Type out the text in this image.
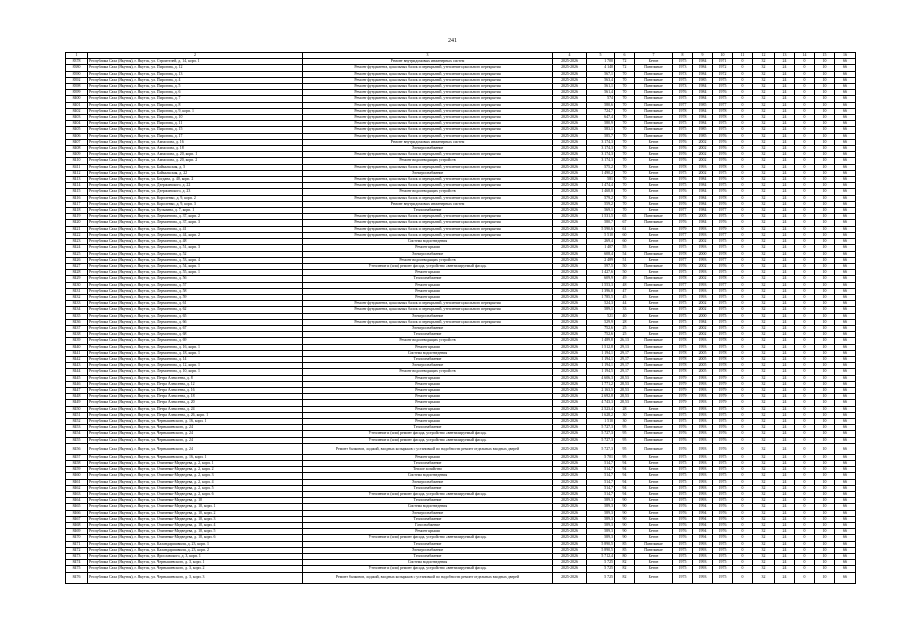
241
1	2	3	4	5	6	7	8	9	10	11	12	13	14	15	16
8378	Республика Саха (Якутия), г. Якутск, ул. Строителей, д. 14, корп. 1	Ремонт внутридомовых инженерных систем	2025-2026	1 700	72	Бетон	1975	1984	1971	0	32	24	0	10	66
8380	Республика Саха (Якутия), г. Якутск, ул. Пирогова, д. 12	Ремонт фундамента, цокольных балок и перекрытий, утепление цокольного перекрытия	2025-2026	4 140	72	Панельные	1973	1984	1972	0	32	24	0	10	66
8390	Республика Саха (Якутия), г. Якутск, ул. Пирогова, д. 13	Ремонт фундамента, цокольных балок и перекрытий, утепление цокольного перекрытия	2025-2026	567,1	70	Панельные	1973	1984	1972	0	32	24	0	10	66
8392	Республика Саха (Якутия), г. Якутск, ул. Пирогова, д. 4	Ремонт фундамента, цокольных балок и перекрытий, утепление цокольного перекрытия	2025-2026	563,4	70	Панельные	1975	1985	1975	0	32	24	0	10	66
8398	Республика Саха (Якутия), г. Якутск, ул. Пирогова, д. 5	Ремонт фундамента, цокольных балок и перекрытий, утепление цокольного перекрытия	2025-2026	561,1	70	Панельные	1973	1984	1975	0	32	24	0	10	66
8399	Республика Саха (Якутия), г. Якутск, ул. Пирогова, д. 6	Ремонт фундамента, цокольных балок и перекрытий, утепление цокольного перекрытия	2025-2026	561,4	70	Панельные	1976	1984	1976	0	32	24	0	10	66
8400	Республика Саха (Якутия), г. Якутск, ул. Пирогова, д. 7	Ремонт фундамента, цокольных балок и перекрытий, утепление цокольного перекрытия	2025-2026	574	70	Панельные	1975	1984	1975	0	32	24	0	10	66
8401	Республика Саха (Якутия), г. Якутск, ул. Пирогова, д. 8	Ремонт фундамента, цокольных балок и перекрытий, утепление цокольного перекрытия	2025-2026	580,6	70	Панельные	1977	1985	1977	0	32	24	0	10	66
8402	Республика Саха (Якутия), г. Якутск, ул. Пирогова, д. 9, корп. 1	Ремонт фундамента, цокольных балок и перекрытий, утепление цокольного перекрытия	2025-2026	724,7	70	Панельные	1978	1984	1978	0	32	24	0	10	66
8403	Республика Саха (Якутия), г. Якутск, ул. Пирогова, д. 10	Ремонт фундамента, цокольных балок и перекрытий, утепление цокольного перекрытия	2025-2026	647,4	70	Панельные	1978	1984	1978	0	32	24	0	10	66
8404	Республика Саха (Якутия), г. Якутск, ул. Пирогова, д. 11	Ремонт фундамента, цокольных балок и перекрытий, утепление цокольного перекрытия	2025-2026	580,9	70	Панельные	1975	1984	1975	0	32	24	0	10	66
8405	Республика Саха (Якутия), г. Якутск, ул. Пирогова, д. 15	Ремонт фундамента, цокольных балок и перекрытий, утепление цокольного перекрытия	2025-2026	583,1	70	Панельные	1975	1985	1975	0	32	24	0	10	66
8406	Республика Саха (Якутия), г. Якутск, ул. Пирогова, д. 17	Ремонт фундамента, цокольных балок и перекрытий, утепление цокольного перекрытия	2025-2026	585,7	70	Панельные	1976	1985	1976	0	32	24	0	10	66
8407	Республика Саха (Якутия), г. Якутск, ул. Аммосова, д. 16	Ремонт внутридомовых инженерных систем	2025-2026	3 174,3	70	Бетон	1976	2002	1976	0	32	24	0	10	66
8408	Республика Саха (Якутия), г. Якутск, ул. Аммосова, д. 18	Электроснабжение	2025-2026	3 174,3	70	Бетон	1976	2002	1976	0	32	24	0	10	66
8409	Республика Саха (Якутия), г. Якутск, ул. Аммосова, д. 20, корп. 1	Ремонт фундамента, цокольных балок и перекрытий, утепление цокольного перекрытия	2025-2026	3 174,3	70	Бетон	1976	2002	1976	0	32	24	0	10	66
8410	Республика Саха (Якутия), г. Якутск, ул. Аммосова, д. 20, корп. 2	Ремонт водоотводящих устройств	2025-2026	3 174,3	70	Бетон	1976	2002	1976	0	32	24	0	10	66
8411	Республика Саха (Якутия), г. Якутск, ул. Байкальская, д. 5	Ремонт фундамента, цокольных балок и перекрытий, утепление цокольного перекрытия	2025-2026	575,2	70	Бетон	1978	1993	1978	0	32	24	0	10	66
8412	Республика Саха (Якутия), г. Якутск, ул. Байкальская, д. 22	Электроснабжение	2025-2026	1 490,2	70	Бетон	1975	2002	1975	0	32	24	0	10	66
8413	Республика Саха (Якутия), г. Якутск, ул. Богдана, д. 40, корп. 2	Ремонт фундамента, цокольных балок и перекрытий, утепление цокольного перекрытия	2025-2026	581	70	Бетон	1976	1984	1976	0	32	24	0	10	66
8414	Республика Саха (Якутия), г. Якутск, ул. Дзержинского, д. 22	Ремонт фундамента, цокольных балок и перекрытий, утепление цокольного перекрытия	2025-2026	1 474,4	70	Бетон	1975	1984	1975	0	32	24	0	10	66
8415	Республика Саха (Якутия), г. Якутск, ул. Дзержинского, д. 23	Ремонт водоотводящих устройств	2025-2026	1 468,8	70	Бетон	1976	1984	1976	0	32	24	0	10	66
8416	Республика Саха (Якутия), г. Якутск, ул. Короленко, д. 9, корп. 2	Ремонт фундамента, цокольных балок и перекрытий, утепление цокольного перекрытия	2025-2026	579,2	70	Бетон	1978	1984	1978	0	32	24	0	10	66
8417	Республика Саха (Якутия), г. Якутск, ул. Короленко, д. 9, корп. 3	Ремонт внутридомовых инженерных систем	2025-2026	559,2	70	Бетон	1976	1984	1976	0	32	24	0	10	66
8418	Республика Саха (Якутия), г. Якутск, ул. Кузьмина, д. 7, корп. 1	Теплоснабжение	2025-2026	569,1	70	Бетон	1977	1984	1977	0	32	24	0	10	66
8419	Республика Саха (Якутия), г. Якутск, ул. Лермонтова, д. 37, корп. 2	Ремонт фундамента, цокольных балок и перекрытий, утепление цокольного перекрытия	2025-2026	1 531,5	65	Панельные	1975	2005	1975	0	32	24	0	10	66
8420	Республика Саха (Якутия), г. Якутск, ул. Лермонтова, д. 37, корп. 3	Ремонт фундамента, цокольных балок и перекрытий, утепление цокольного перекрытия	2025-2026	580,7	67	Панельные	1976	1984	1976	0	32	24	0	10	66
8421	Республика Саха (Якутия), г. Якутск, ул. Лермонтова, д. 41	Ремонт фундамента, цокольных балок и перекрытий, утепление цокольного перекрытия	2025-2026	5 590,6	61	Бетон	1979	1993	1979	0	32	24	0	10	66
8422	Республика Саха (Якутия), г. Якутск, ул. Лермонтова, д. 44, корп. 2	Ремонт фундамента, цокольных балок и перекрытий, утепление цокольного перекрытия	2025-2026	5 510	60	Бетон	1977	1993	1977	0	32	24	0	10	66
8423	Республика Саха (Якутия), г. Якутск, ул. Лермонтова, д. 48	Система водоотведения	2025-2026	269,4	60	Бетон	1975	2002	1975	0	32	24	0	10	66
8424	Республика Саха (Якутия), г. Якутск, ул. Лермонтова, д. 51, корп. 3	Ремонт крыши	2025-2026	1 407	55	Бетон	1975	1993	1975	0	32	24	0	10	66
8425	Республика Саха (Якутия), г. Якутск, ул. Лермонтова, д. 52	Электроснабжение	2025-2026	608,4	54	Панельные	1978	2000	1978	0	32	24	0	10	66
8426	Республика Саха (Якутия), г. Якутск, ул. Лермонтова, д. 53, корп. 4	Ремонт водоотводящих устройств	2025-2026	2 489	51	Бетон	1977	1993	1977	0	32	24	0	10	66
8427	Республика Саха (Якутия), г. Якутск, ул. Лермонтова, д. 54, корп. 1	Утепление и (или) ремонт фасада, устройство «вентилируемый фасад»	2025-2026	597,5	50	Панельные	1976	2002	1976	0	32	24	0	10	66
8428	Республика Саха (Якутия), г. Якутск, ул. Лермонтова, д. 55, корп. 1	Ремонт крыши	2025-2026	1 427,6	50	Бетон	1975	1993	1975	0	32	24	0	10	66
8429	Республика Саха (Якутия), г. Якутск, ул. Лермонтова, д. 56	Теплоснабжение	2025-2026	609,9	49	Панельные	1978	2002	1978	0	32	24	0	10	66
8430	Республика Саха (Якутия), г. Якутск, ул. Лермонтова, д. 57	Ремонт крыши	2025-2026	1 553,3	48	Панельные	1977	1993	1977	0	32	24	0	10	66
8431	Республика Саха (Якутия), г. Якутск, ул. Лермонтова, д. 58	Ремонт крыши	2025-2026	1 396,8	47	Бетон	1975	1993	1975	0	32	24	0	10	66
8432	Республика Саха (Якутия), г. Якутск, ул. Лермонтова, д. 59	Ремонт крыши	2025-2026	1 785,5	45	Бетон	1975	1993	1975	0	32	24	0	10	66
8433	Республика Саха (Якутия), г. Якутск, ул. Лермонтова, д. 61	Ремонт фундамента, цокольных балок и перекрытий, утепление цокольного перекрытия	2025-2026	524,3	44	Бетон	1975	2002	1975	0	32	24	0	10	66
8434	Республика Саха (Якутия), г. Якутск, ул. Лермонтова, д. 62	Ремонт фундамента, цокольных балок и перекрытий, утепление цокольного перекрытия	2025-2026	589,1	33	Бетон	1975	2002	1975	0	32	24	0	10	66
8435	Республика Саха (Якутия), г. Якутск, ул. Лермонтова, д. 65	Электроснабжение	2025-2026	521	40	Бетон	1975	2000	1975	0	32	24	0	10	66
8436	Республика Саха (Якутия), г. Якутск, ул. Лермонтова, д. 66	Ремонт фундамента, цокольных балок и перекрытий, утепление цокольного перекрытия	2025-2026	529,9	28	Бетон	1975	1984	1975	0	32	24	0	10	66
8437	Республика Саха (Якутия), г. Якутск, ул. Лермонтова, д. 67	Электроснабжение	2025-2026	752,6	25	Бетон	1975	2002	1975	0	32	24	0	10	66
8438	Республика Саха (Якутия), г. Якутск, ул. Лермонтова, д. 68	Теплоснабжение	2025-2026	752,6	25	Бетон	1975	2002	1975	0	32	24	0	10	66
8439	Республика Саха (Якутия), г. Якутск, ул. Лермонтова, д. 69	Ремонт водоотводящих устройств	2025-2026	1 489,8	26,13	Панельные	1978	1993	1978	0	32	24	0	10	66
8440	Республика Саха (Якутия), г. Якутск, ул. Лермонтова, д. 16, корп. 1	Ремонт крыши	2025-2026	1 512,8	29,13	Панельные	1975	1993	1975	0	32	24	0	10	66
8441	Республика Саха (Якутия), г. Якутск, ул. Лермонтова, д. 18, корп. 1	Система водоотведения	2025-2026	1 194,1	29,17	Панельные	1978	2005	1978	0	32	24	0	10	66
8442	Республика Саха (Якутия), г. Якутск, ул. Лермонтова, д. 14	Теплоснабжение	2025-2026	1 194,1	29,17	Панельные	1978	2005	1978	0	32	24	0	10	66
8443	Республика Саха (Якутия), г. Якутск, ул. Лермонтова, д. 12, корп. 1	Электроснабжение	2025-2026	1 194,1	29,17	Панельные	1978	2005	1978	0	32	24	0	10	66
8444	Республика Саха (Якутия), г. Якутск, ул. Лермонтова, д. 10, корп. 1	Ремонт водоотводящих устройств	2025-2026	1 194,5	29,17	Панельные	1978	2005	1978	0	32	24	0	10	66
8445	Республика Саха (Якутия), г. Якутск, ул. Петра Алексеева, д. 8	Ремонт крыши	2025-2026	4 606,3	28,53	Панельные	1979	1993	1979	0	32	24	0	10	66
8446	Республика Саха (Якутия), г. Якутск, ул. Петра Алексеева, д. 12	Ремонт крыши	2025-2026	1 771,2	28,53	Панельные	1979	1993	1979	0	32	24	0	10	66
8447	Республика Саха (Якутия), г. Якутск, ул. Петра Алексеева, д. 16	Ремонт крыши	2025-2026	2 163,5	28,53	Панельные	1979	1993	1979	0	32	24	0	10	66
8448	Республика Саха (Якутия), г. Якутск, ул. Петра Алексеева, д. 18	Ремонт крыши	2025-2026	2 692,8	28,53	Панельные	1979	1993	1979	0	32	24	0	10	66
8449	Республика Саха (Якутия), г. Якутск, ул. Петра Алексеева, д. 20	Ремонт крыши	2025-2026	4 743,3	28,53	Панельные	1979	1993	1979	0	32	24	0	10	66
8450	Республика Саха (Якутия), г. Якутск, ул. Петра Алексеева, д. 24	Ремонт крыши	2025-2026	2 523,4	28	Бетон	1975	1993	1975	0	32	24	0	10	66
8451	Республика Саха (Якутия), г. Якутск, ул. Петра Алексеева, д. 26, корп. 1	Ремонт крыши	2025-2026	1 628,2	30	Панельные	1975	1993	1975	0	32	24	0	10	66
8452	Республика Саха (Якутия), г. Якутск, ул. Чернышевского, д. 16, корп. 1	Ремонт крыши	2025-2026	1 510	30	Панельные	1975	1993	1975	0	32	24	0	10	66
8453	Республика Саха (Якутия), г. Якутск, ул. Чернышевского, д. 24	Теплоснабжение	2025-2026	5 727,3	95	Панельные	1976	1993	1976	0	32	24	0	10	66
8454	Республика Саха (Якутия), г. Якутск, ул. Чернышевского, д. 24	Утепление и (или) ремонт фасада, устройство «вентилируемый фасад»	2025-2026	5 727,3	95	Панельные	1976	1993	1976	0	32	24	0	10	66
8455	Республика Саха (Якутия), г. Якутск, ул. Чернышевского, д. 24	Утепление и (или) ремонт фасада, устройство «вентилируемый фасад»	2025-2026	5 727,3	95	Панельные	1976	1993	1976	0	32	24	0	10	66
8456	Республика Саха (Якутия), г. Якутск, ул. Чернышевского, д. 24	Ремонт балконов, лоджий, входных козырьков с установкой по надобности ремонт отдельных входных дверей	2025-2026	5 727,3	95	Панельные	1976	1993	1976	0	32	24	0	10	66
8457	Республика Саха (Якутия), г. Якутск, ул. Чернышевского, д. 16, корп. 1	Ремонт крыши	2025-2026	5 701	95	Бетон	1975	1993	1975	0	32	24	0	10	66
8458	Республика Саха (Якутия), г. Якутск, ул. Очиченко-Медведева, д. 2, корп. 1	Теплоснабжение	2025-2026	514,7	94	Бетон	1975	1993	1975	0	32	24	0	10	66
8459	Республика Саха (Якутия), г. Якутск, ул. Очиченко-Медведева, д. 2, корп. 2	Теплое хозяйство	2025-2026	514,7	94	Бетон	1975	1993	1975	0	32	24	0	10	66
8460	Республика Саха (Якутия), г. Якутск, ул. Очиченко-Медведева, д. 2, корп. 3	Система водоотведения	2025-2026	514,7	94	Бетон	1975	1993	1975	0	32	24	0	10	66
8461	Республика Саха (Якутия), г. Якутск, ул. Очиченко-Медведева, д. 2, корп. 4	Электроснабжение	2025-2026	514,7	94	Бетон	1975	1993	1975	0	32	24	0	10	66
8462	Республика Саха (Якутия), г. Якутск, ул. Очиченко-Медведева, д. 2, корп. 5	Теплоснабжение	2025-2026	514,7	94	Бетон	1975	1993	1975	0	32	24	0	10	66
8463	Республика Саха (Якутия), г. Якутск, ул. Очиченко-Медведева, д. 2, корп. 6	Утепление и (или) ремонт фасада, устройство «вентилируемый фасад»	2025-2026	514,7	94	Бетон	1975	1993	1975	0	32	24	0	10	66
8464	Республика Саха (Якутия), г. Якутск, ул. Очиченко-Медведева, д. 10	Теплоснабжение	2025-2026	589,3	90	Бетон	1975	1993	1975	0	32	24	0	10	66
8465	Республика Саха (Якутия), г. Якутск, ул. Очиченко-Медведева, д. 10, корп. 1	Система водоотведения	2025-2026	589,3	90	Бетон	1976	1994	1976	0	32	24	0	10	66
8466	Республика Саха (Якутия), г. Якутск, ул. Очиченко-Медведева, д. 10, корп. 2	Электроснабжение	2025-2026	589,3	90	Бетон	1976	1994	1976	0	32	24	0	10	66
8467	Республика Саха (Якутия), г. Якутск, ул. Очиченко-Медведева, д. 10, корп. 3	Теплоснабжение	2025-2026	589,3	90	Бетон	1976	1994	1976	0	32	24	0	10	66
8468	Республика Саха (Якутия), г. Якутск, ул. Очиченко-Медведева, д. 10, корп. 4	Газоснабжение	2025-2026	589,3	90	Бетон	1976	1994	1976	0	32	24	0	10	66
8469	Республика Саха (Якутия), г. Якутск, ул. Очиченко-Медведева, д. 10, корп. 5	Ремонт крыши	2025-2026	589,3	90	Бетон	1976	1994	1976	0	32	24	0	10	66
8470	Республика Саха (Якутия), г. Якутск, ул. Очиченко-Медведева, д. 10, корп. 6	Утепление и (или) ремонт фасада, устройство «вентилируемый фасад»	2025-2026	589,3	90	Бетон	1976	1994	1976	0	32	24	0	10	66
8471	Республика Саха (Якутия), г. Якутск, ул. Каландаришвили, д. 23, корп. 1	Теплоснабжение	2025-2026	5 890,5	85	Панельные	1975	1993	1975	0	32	24	0	10	66
8472	Республика Саха (Якутия), г. Якутск, ул. Каландаришвили, д. 23, корп. 2	Электроснабжение	2025-2026	5 890,5	85	Панельные	1975	1993	1975	0	32	24	0	10	66
8473	Республика Саха (Якутия), г. Якутск, ул. Ярославского, д. 3, корп. 1	Теплоснабжение	2025-2026	5 712,4	80	Бетон	1975	1993	1975	0	32	24	0	10	66
8474	Республика Саха (Якутия), г. Якутск, ул. Чернышевского, д. 3, корп. 1	Система водоотведения	2025-2026	5 725	82	Бетон	1975	1993	1975	0	32	24	0	10	66
8475	Республика Саха (Якутия), г. Якутск, ул. Чернышевского, д. 3, корп. 2	Утепление и (или) ремонт фасада, устройство «вентилируемый фасад»	2025-2026	5 725	82	Бетон	1975	1993	1975	0	32	24	0	10	66
8476	Республика Саха (Якутия), г. Якутск, ул. Чернышевского, д. 3, корп. 3	Ремонт балконов, лоджий, входных козырьков с установкой по надобности ремонт отдельных входных дверей	2025-2026	5 725	82	Бетон	1975	1993	1975	0	32	24	0	10	66
